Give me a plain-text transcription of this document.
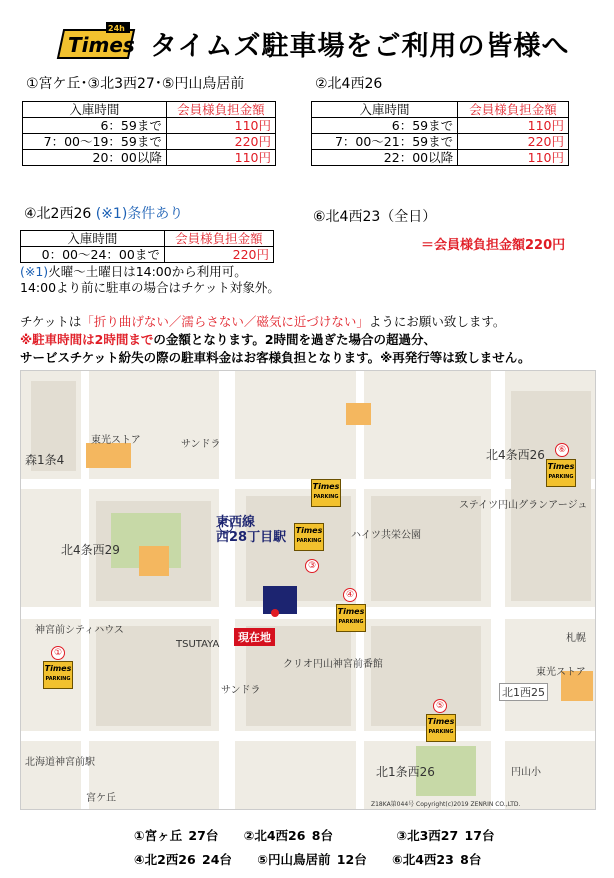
Times
24h
タイムズ駐車場をご利用の皆様へ
①宮ケ丘･③北3西27･⑤円山鳥居前
入庫時間	会員様負担金額
6：59まで	110円
7：00～19：59まで	220円
20：00以降	110円
②北4西26
入庫時間	会員様負担金額
6：59まで	110円
7：00～21：59まで	220円
22：00以降	110円
④北2西26 (※1)条件あり
入庫時間	会員様負担金額
0：00～24：00まで	220円
(※1)火曜～土曜日は14:00から利用可。
14:00より前に駐車の場合はチケット対象外。
⑥北4西23（全日）
＝会員様負担金額220円
チケットは「折り曲げない／濡らさない／磁気に近づけない」ようにお願い致します。
※駐車時間は2時間までの金額となります。2時間を過ぎた場合の超過分、
サービスチケット紛失の際の駐車料金はお客様負担となります。※再発行等は致しません。
現在地
東西線
西28丁目駅
森1条4
北4条西29
北4条西26
北1条西26
TSUTAYA
サンドラ
サンドラ
東光ストア
東光ストア
宮ケ丘
円山小
北1西25
札幌
クリオ円山神宮前番館
北海道神宮前駅
ステイツ円山グランアージュ
ハイツ共栄公園
神宮前シティハウス
Times
PARKING
⑥
Times
PARKING
Times
PARKING
③
Times
PARKING
④
Times
PARKING
①
Times
PARKING
⑤
Z18KA第044号 Copyright(c)2019 ZENRIN CO.,LTD.
①宮ヶ丘 27台 ②北4西26 8台	③北3西27 17台
④北2西26 24台 ⑤円山鳥居前 12台 ⑥北4西23 8台
